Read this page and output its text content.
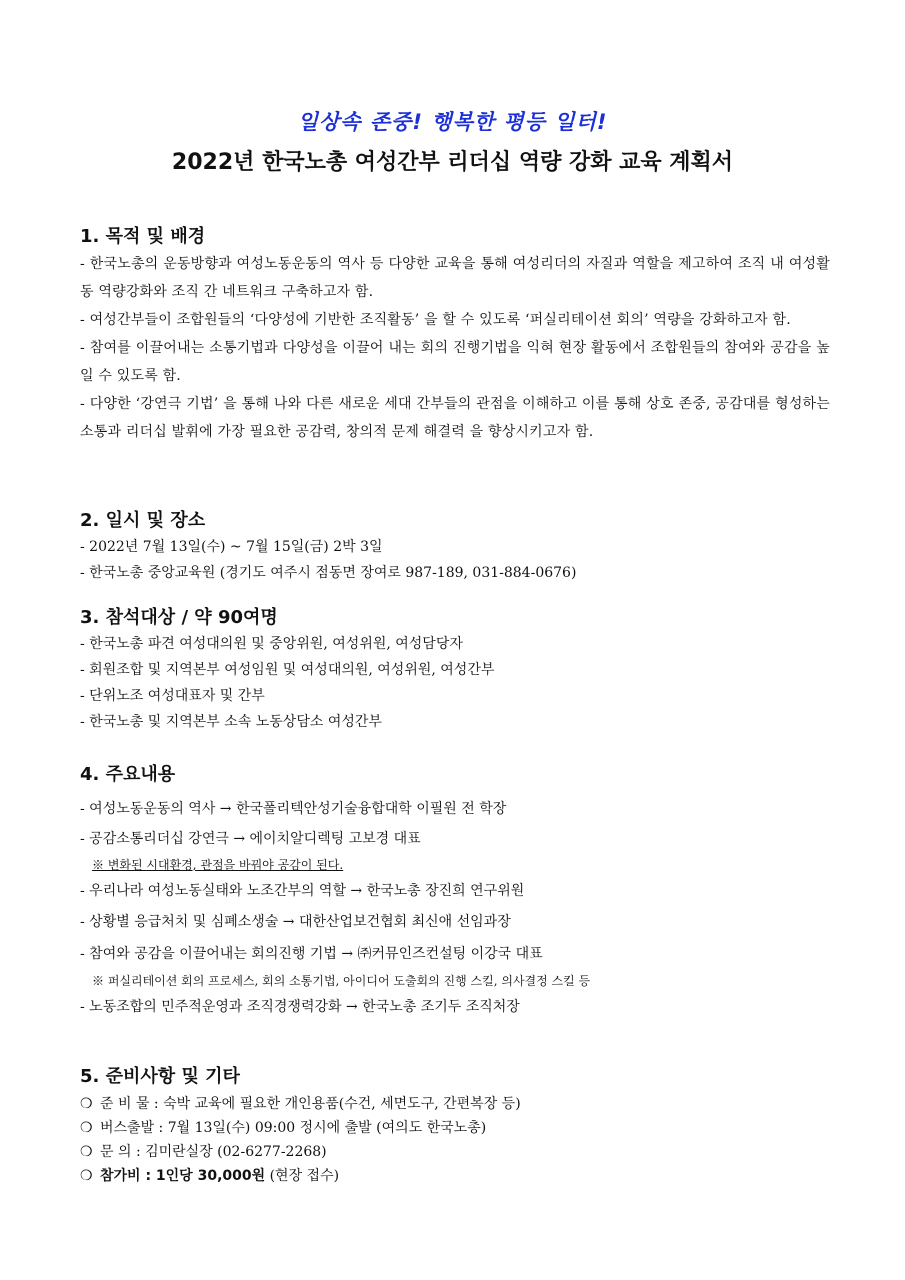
일상속 존중! 행복한 평등 일터!
2022년 한국노총 여성간부 리더십 역량 강화 교육 계획서

1. 목적 및 배경

- 한국노총의 운동방향과 여성노동운동의 역사 등 다양한 교육을 통해 여성리더의 자질과 역할을 제고하여 조직 내 여성활동 역량강화와 조직 간 네트워크 구축하고자 함.

- 여성간부들이 조합원들의 ‘다양성에 기반한 조직활동’ 을 할 수 있도록 ‘퍼실리테이션 회의’ 역량을 강화하고자 함.

- 참여를 이끌어내는 소통기법과 다양성을 이끌어 내는 회의 진행기법을 익혀 현장 활동에서 조합원들의 참여와 공감을 높일 수 있도록 함.

- 다양한 ‘강연극 기법’ 을 통해 나와 다른 새로운 세대 간부들의 관점을 이해하고 이를 통해 상호 존중, 공감대를 형성하는 소통과 리더십 발휘에 가장 필요한 공감력, 창의적 문제 해결력 을 향상시키고자 함.

2. 일시 및 장소

- 2022년 7월 13일(수) ~ 7월 15일(금) 2박 3일

- 한국노총 중앙교육원 (경기도 여주시 점동면 장여로 987-189, 031-884-0676)

3. 참석대상 / 약 90여명

- 한국노총 파견 여성대의원 및 중앙위원, 여성위원, 여성담당자

- 회원조합 및 지역본부 여성임원 및 여성대의원, 여성위원, 여성간부

- 단위노조 여성대표자 및 간부

- 한국노총 및 지역본부 소속 노동상담소 여성간부

4. 주요내용

- 여성노동운동의 역사 → 한국폴리텍안성기술융합대학 이필원 전 학장

- 공감소통리더십 강연극 → 에이치알디렉팅 고보경 대표

※ 변화된 시대환경, 관점을 바꿔야 공감이 된다.

- 우리나라 여성노동실태와 노조간부의 역할 → 한국노총 장진희 연구위원

- 상황별 응급처치 및 심폐소생술 → 대한산업보건협회 최신애 선임과장

- 참여와 공감을 이끌어내는 회의진행 기법 → ㈜커뮤인즈컨설팅 이강국 대표

※ 퍼실리테이션 회의 프로세스, 회의 소통기법, 아이디어 도출회의 진행 스킬, 의사결정 스킬 등

- 노동조합의 민주적운영과 조직경쟁력강화 → 한국노총 조기두 조직처장

5. 준비사항 및 기타

❍ 준 비 물 : 숙박 교육에 필요한 개인용품(수건, 세면도구, 간편복장 등)

❍ 버스출발 : 7월 13일(수) 09:00 정시에 출발 (여의도 한국노총)

❍ 문 의 : 김미란실장 (02-6277-2268)

❍ 참가비 : 1인당 30,000원 (현장 접수)
